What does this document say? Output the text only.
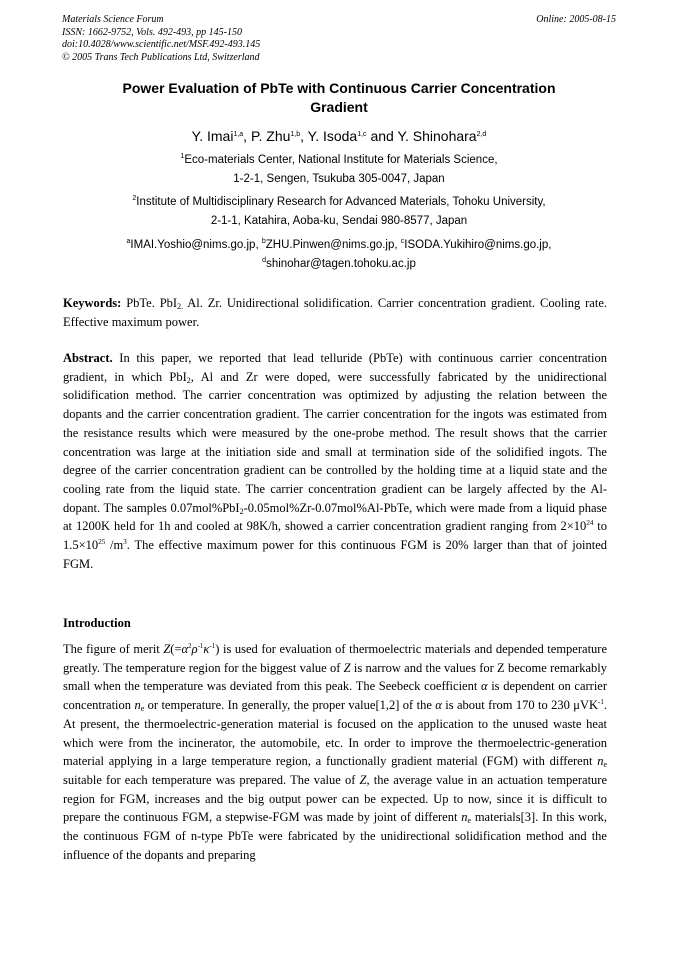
Materials Science Forum
ISSN: 1662-9752, Vols. 492-493, pp 145-150
doi:10.4028/www.scientific.net/MSF.492-493.145
© 2005 Trans Tech Publications Ltd, Switzerland
Online: 2005-08-15
Power Evaluation of PbTe with Continuous Carrier Concentration
Gradient
Y. Imai$^{1,a}$, P. Zhu$^{1,b}$, Y. Isoda$^{1,c}$ and Y. Shinohara$^{2,d}$
$^1$Eco-materials Center, National Institute for Materials Science,
1-2-1, Sengen, Tsukuba 305-0047, Japan
$^2$Institute of Multidisciplinary Research for Advanced Materials, Tohoku University,
2-1-1, Katahira, Aoba-ku, Sendai 980-8577, Japan
$^a$IMAI.Yoshio@nims.go.jp, $^b$ZHU.Pinwen@nims.go.jp, $^c$ISODA.Yukihiro@nims.go.jp,
$^d$shinohar@tagen.tohoku.ac.jp
Keywords: PbTe. PbI$_{2.}$ Al. Zr. Unidirectional solidification. Carrier concentration gradient. Cooling rate. Effective maximum power.
Abstract. In this paper, we reported that lead telluride (PbTe) with continuous carrier concentration gradient, in which PbI$_2$, Al and Zr were doped, were successfully fabricated by the unidirectional solidification method. The carrier concentration was optimized by adjusting the relation between the dopants and the carrier concentration gradient. The carrier concentration for the ingots was estimated from the resistance results which were measured by the one-probe method. The result shows that the carrier concentration was large at the initiation side and small at termination side of the solidified ingots. The degree of the carrier concentration gradient can be controlled by the holding time at a liquid state and the cooling rate from the liquid state. The carrier concentration gradient can be largely affected by the Al-dopant. The samples 0.07mol%PbI$_2$-0.05mol%Zr-0.07mol%Al-PbTe, which were made from a liquid phase at 1200K held for 1h and cooled at 98K/h, showed a carrier concentration gradient ranging from $2\times 10^{24}$ to $1.5\times 10^{25}$ $/m^3$. The effective maximum power for this continuous FGM is 20% larger than that of jointed FGM.
Introduction
The figure of merit $Z(=\alpha^2\rho^{-1}\kappa^{-1})$ is used for evaluation of thermoelectric materials and depended temperature greatly. The temperature region for the biggest value of Z is narrow and the values for Z become remarkably small when the temperature was deviated from this peak. The Seebeck coefficient α is dependent on carrier concentration $n_e$ or temperature. In generally, the proper value[1,2] of the α is about from 170 to 230 μVK$^{-1}$. At present, the thermoelectric-generation material is focused on the application to the unused waste heat which were from the incinerator, the automobile, etc. In order to improve the thermoelectric-generation material applying in a large temperature region, a functionally gradient material (FGM) with different $n_e$ suitable for each temperature was prepared. The value of Z, the average value in an actuation temperature region for FGM, increases and the big output power can be expected. Up to now, since it is difficult to prepare the continuous FGM, a stepwise-FGM was made by joint of different $n_e$ materials[3]. In this work, the continuous FGM of n-type PbTe were fabricated by the unidirectional solidification method and the influence of the dopants and preparing
